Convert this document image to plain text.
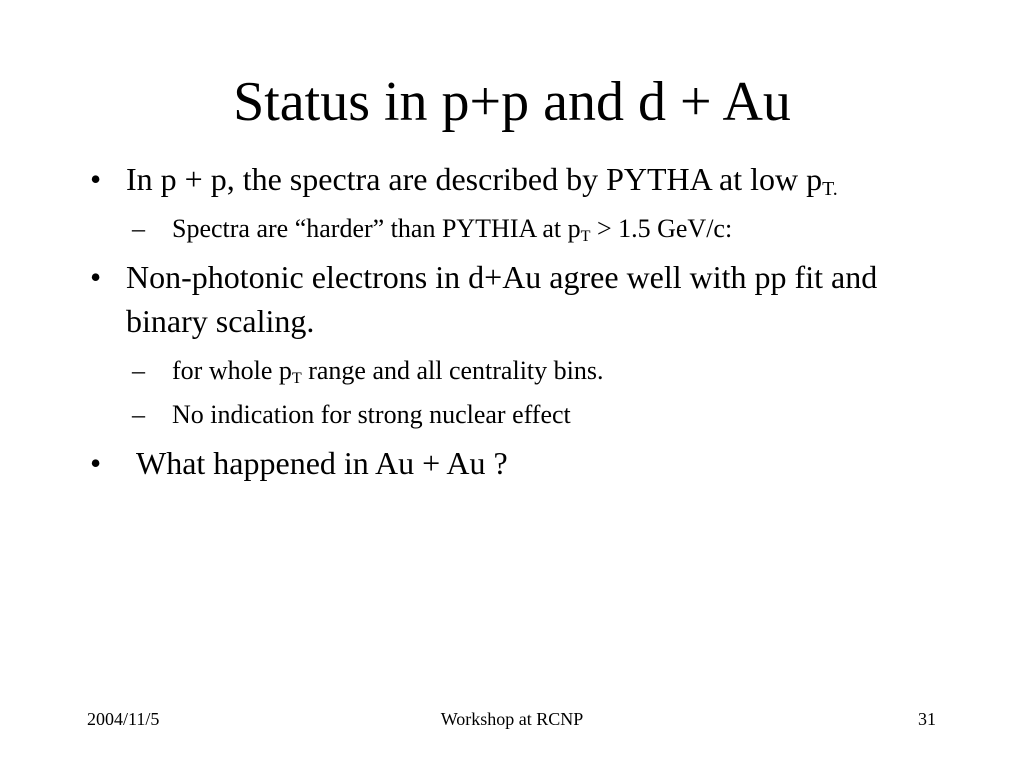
Status in p+p and d + Au
• In p + p, the spectra are described by PYTHA at low $p_{T.}$
– Spectra are “harder” than PYTHIA at $p_T > 1.5$ GeV/c:
• Non-photonic electrons in d+Au agree well with pp fit and binary scaling.
– for whole $p_T$ range and all centrality bins.
– No indication for strong nuclear effect
• What happened in Au + Au ?
2004/11/5	Workshop at RCNP	31
